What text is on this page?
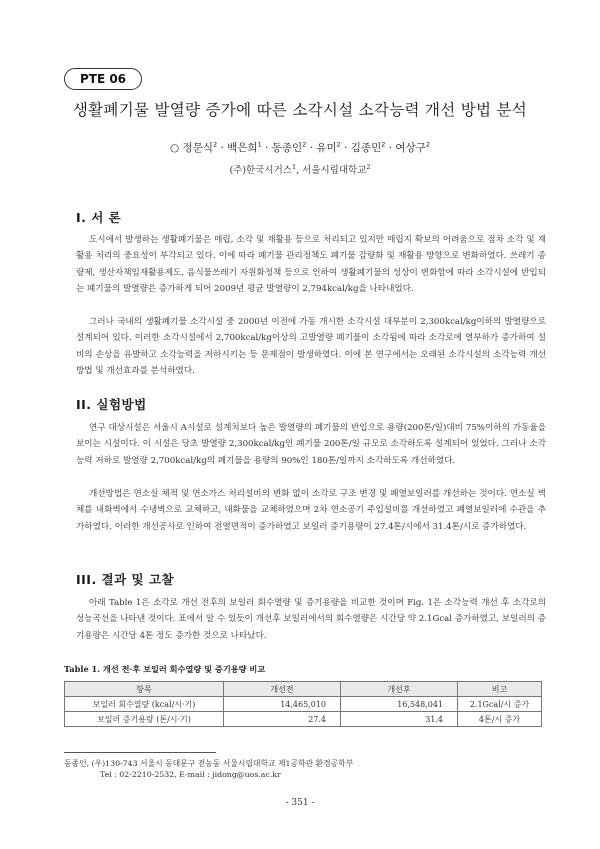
PTE 06
생활폐기물 발열량 증가에 따른 소각시설 소각능력 개선 방법 분석
○ 정문식$^2$ · 백은희$^1$ · 동종인$^2$ · 유미$^2$ · 김종민$^2$ · 여상구$^2$
(주)한국시거스$^1$, 서울시립대학교$^2$
I. 서 론

도시에서 발생하는 생활폐기물은 매립, 소각 및 재활용 등으로 처리되고 있지만 매립지 확보의 어려움으로 점차 소각 및 재활용 처리의 중요성이 부각되고 있다. 이에 따라 폐기물 관리정책도 폐기물 감량화 및 재활용 방향으로 변화하였다. 쓰레기 종량제, 생산자책임재활용제도, 음식물쓰레기 자원화정책 등으로 인하여 생활폐기물의 성상이 변화함에 따라 소각시설에 반입되는 폐기물의 발열량은 증가하게 되어 2009년 평균 발열량이 2,794kcal/kg을 나타내었다.

그러나 국내의 생활폐기물 소각시설 중 2000년 이전에 가동 개시한 소각시설 대부분이 2,300kcal/kg이하의 발열량으로 설계되어 있다. 이러한 소각시설에서 2,700kcal/kg이상의 고발열량 폐기물이 소각됨에 따라 소각로에 열부하가 증가하여 설비의 손상을 유발하고 소각능력을 저하시키는 등 문제점이 발생하였다. 이에 본 연구에서는 오래된 소각시설의 소각능력 개선 방법 및 개선효과를 분석하였다.

II. 실험방법

연구 대상시설은 서울시 A시설로 설계치보다 높은 발열량의 폐기물의 반입으로 용량(200톤/일)대비 75%이하의 가동율을 보이는 시설이다. 이 시설은 당초 발열량 2,300kcal/kg인 폐기물 200톤/일 규모로 소각하도록 설계되어 있었다. 그러나 소각능력 저하로 발열량 2,700kcal/kg의 폐기물을 용량의 90%인 180톤/일까지 소각하도록 개선하였다.

개선방법은 연소실 체적 및 연소가스 처리설비의 변화 없이 소각로 구조 변경 및 폐열보일러를 개선하는 것이다. 연소실 벽체를 내화벽에서 수냉벽으로 교체하고, 내화물을 교체하였으며 2차 연소공기 주입설비를 개선하였고 폐열보일러에 수관을 추가하였다. 이러한 개선공사로 인하여 전열면적이 증가하였고 보일러 증기용량이 27.4톤/시에서 31.4톤/시로 증가하였다.

III. 결과 및 고찰

아래 Table 1은 소각로 개선 전후의 보일러 회수열량 및 증기용량을 비교한 것이며 Fig. 1은 소각능력 개선 후 소각로의 성능곡선을 나타낸 것이다. 표에서 알 수 있듯이 개선후 보일러에서의 회수열량은 시간당 약 2.1Gcal 증가하였고, 보일러의 증기용량은 시간당 4톤 정도 증가한 것으로 나타났다.

Table 1. 개선 전·후 보일러 회수열량 및 증기용량 비교
항목	개선전	개선후	비고
보일러 회수열량 (kcal/시·기)	14,465,010	16,548,041	2.1Gcal/시 증가
보일러 증기용량 (톤/시·기)	27.4	31.4	4톤/시 증가
동종인, (우)130-743 서울시 동대문구 전농동 서울시립대학교 제1공학관 환경공학부
Tel : 02-2210-2532, E-mail : jidong@uos.ac.kr
- 351 -
